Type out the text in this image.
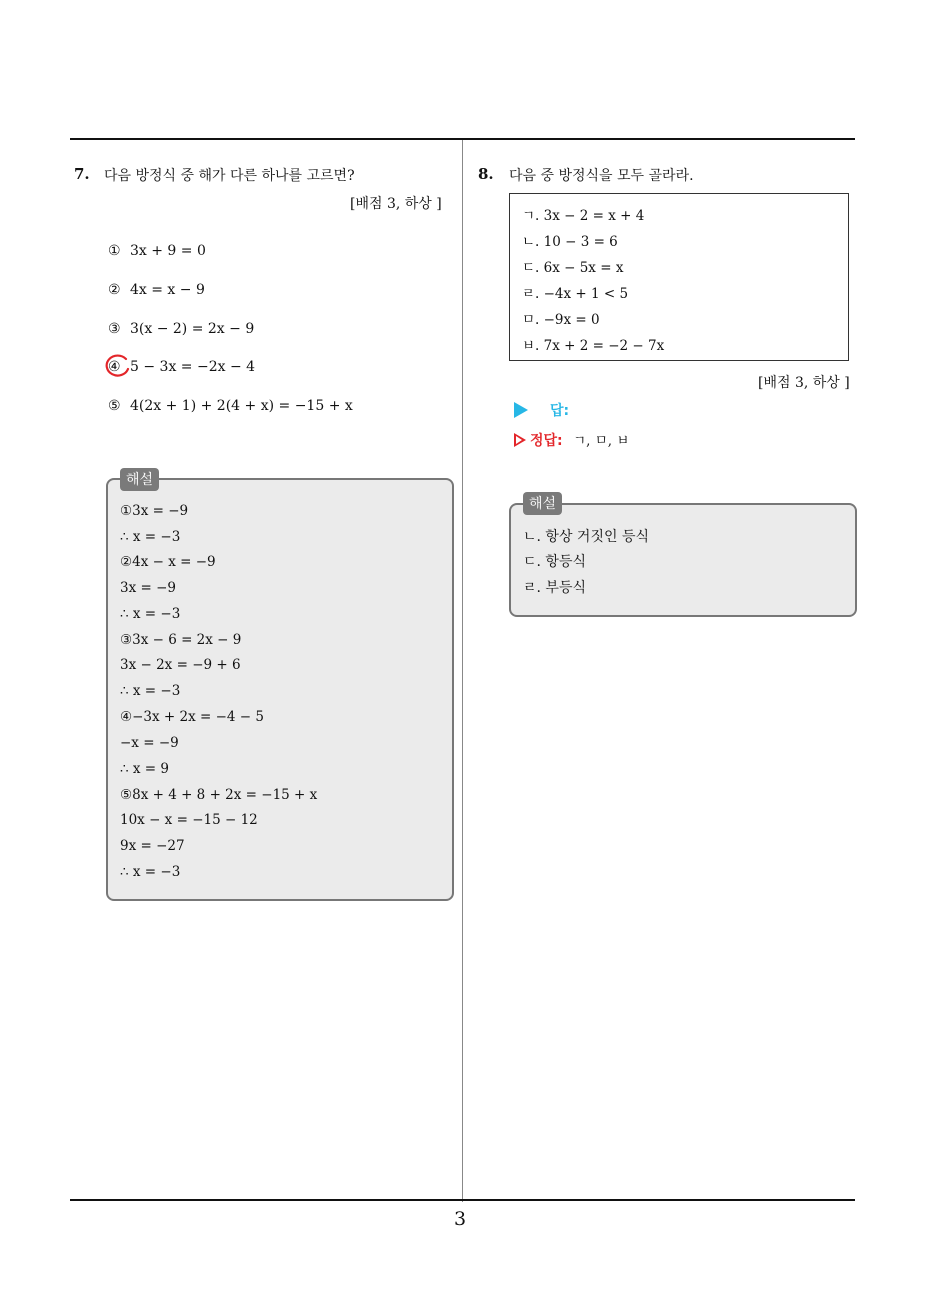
3
7. 다음 방정식 중 해가 다른 하나를 고르면?
[배점 3, 하상 ]
① 3x + 9 = 0
② 4x = x − 9
③ 3(x − 2) = 2x − 9
④ 5 − 3x = −2x − 4
⑤ 4(2x + 1) + 2(4 + x) = −15 + x
①3x = −9
∴ x = −3
②4x − x = −9
3x = −9
∴ x = −3
③3x − 6 = 2x − 9
3x − 2x = −9 + 6
∴ x = −3
④−3x + 2x = −4 − 5
−x = −9
∴ x = 9
⑤8x + 4 + 8 + 2x = −15 + x
10x − x = −15 − 12
9x = −27
∴ x = −3
해설
8. 다음 중 방정식을 모두 골라라.
ㄱ. 3x − 2 = x + 4
ㄴ. 10 − 3 = 6
ㄷ. 6x − 5x = x
ㄹ. −4x + 1 < 5
ㅁ. −9x = 0
ㅂ. 7x + 2 = −2 − 7x
[배점 3, 하상 ]
답:
정답: ㄱ, ㅁ, ㅂ
ㄴ. 항상 거짓인 등식
ㄷ. 항등식
ㄹ. 부등식
해설
